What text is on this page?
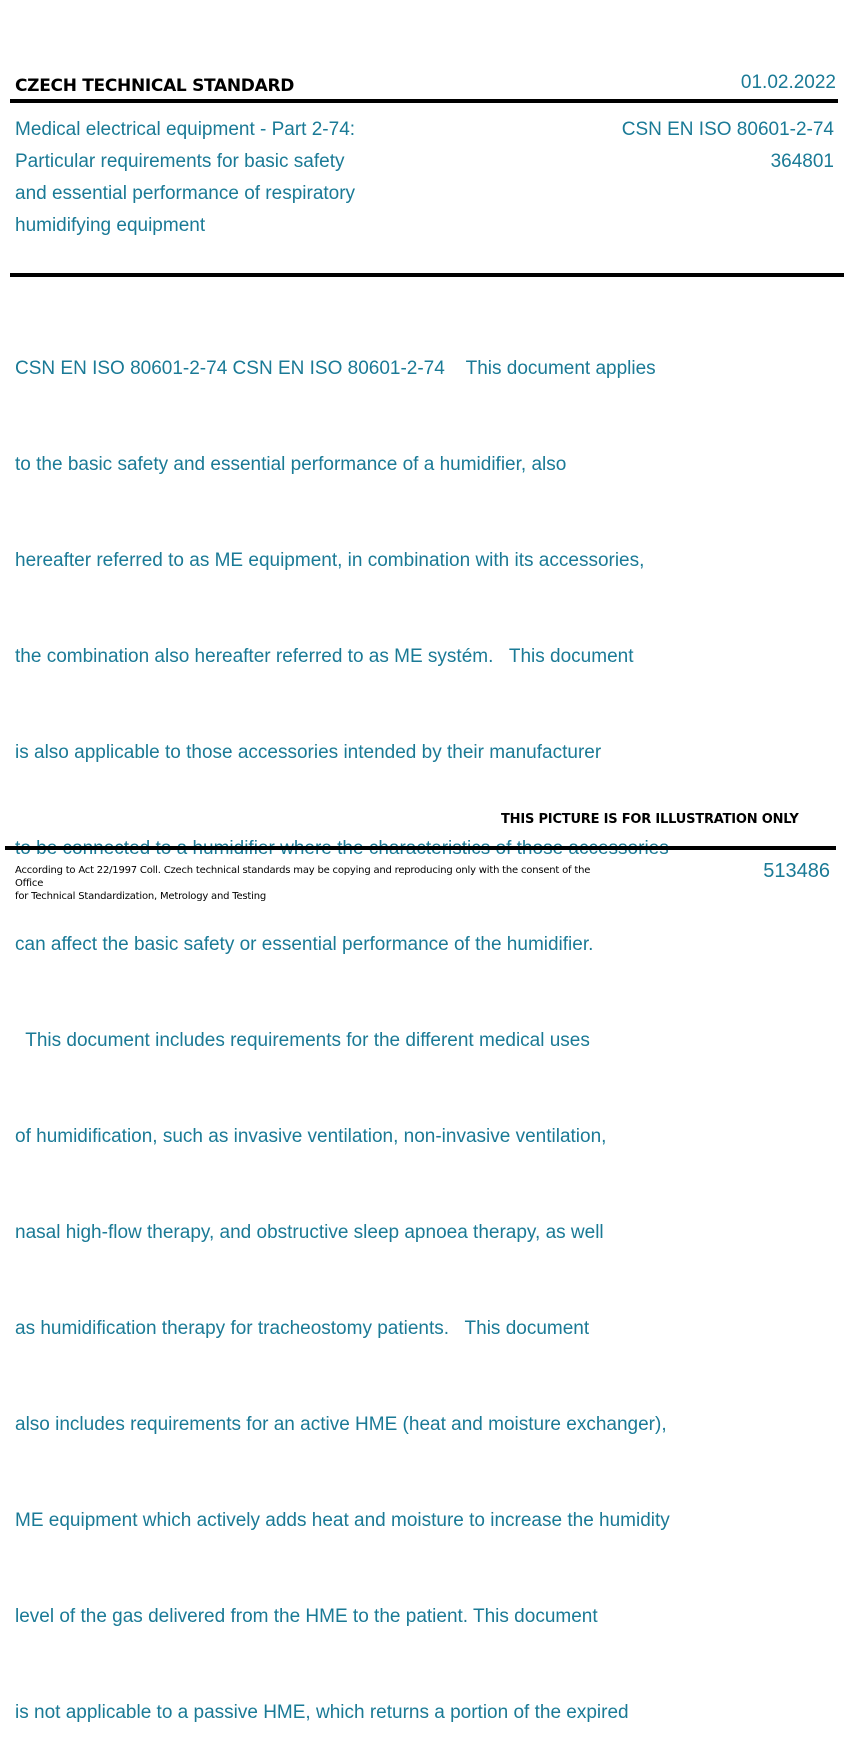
CZECH TECHNICAL STANDARD	01.02.2022
Medical electrical equipment - Part 2-74:
Particular requirements for basic safety
and essential performance of respiratory
humidifying equipment
CSN EN ISO 80601-2-74
364801

CSN EN ISO 80601-2-74 CSN EN ISO 80601-2-74    This document applies

to the basic safety and essential performance of a humidifier, also

hereafter referred to as ME equipment, in combination with its accessories,

the combination also hereafter referred to as ME systém.   This document

is also applicable to those accessories intended by their manufacturer

can affect the basic safety or essential performance of the humidifier.

This document includes requirements for the different medical uses

of humidification, such as invasive ventilation, non-invasive ventilation,

nasal high-flow therapy, and obstructive sleep apnoea therapy, as well

as humidification therapy for tracheostomy patients.   This document

also includes requirements for an active HME (heat and moisture exchanger),

ME equipment which actively adds heat and moisture to increase the humidity

level of the gas delivered from the HME to the patient. This document

is not applicable to a passive HME, which returns a portion of the expired

THIS PICTURE IS FOR ILLUSTRATION ONLY
According to Act 22/1997 Coll. Czech technical standards may be copying and reproducing only with the consent of the Office
for Technical Standardization, Metrology and Testing
513486
